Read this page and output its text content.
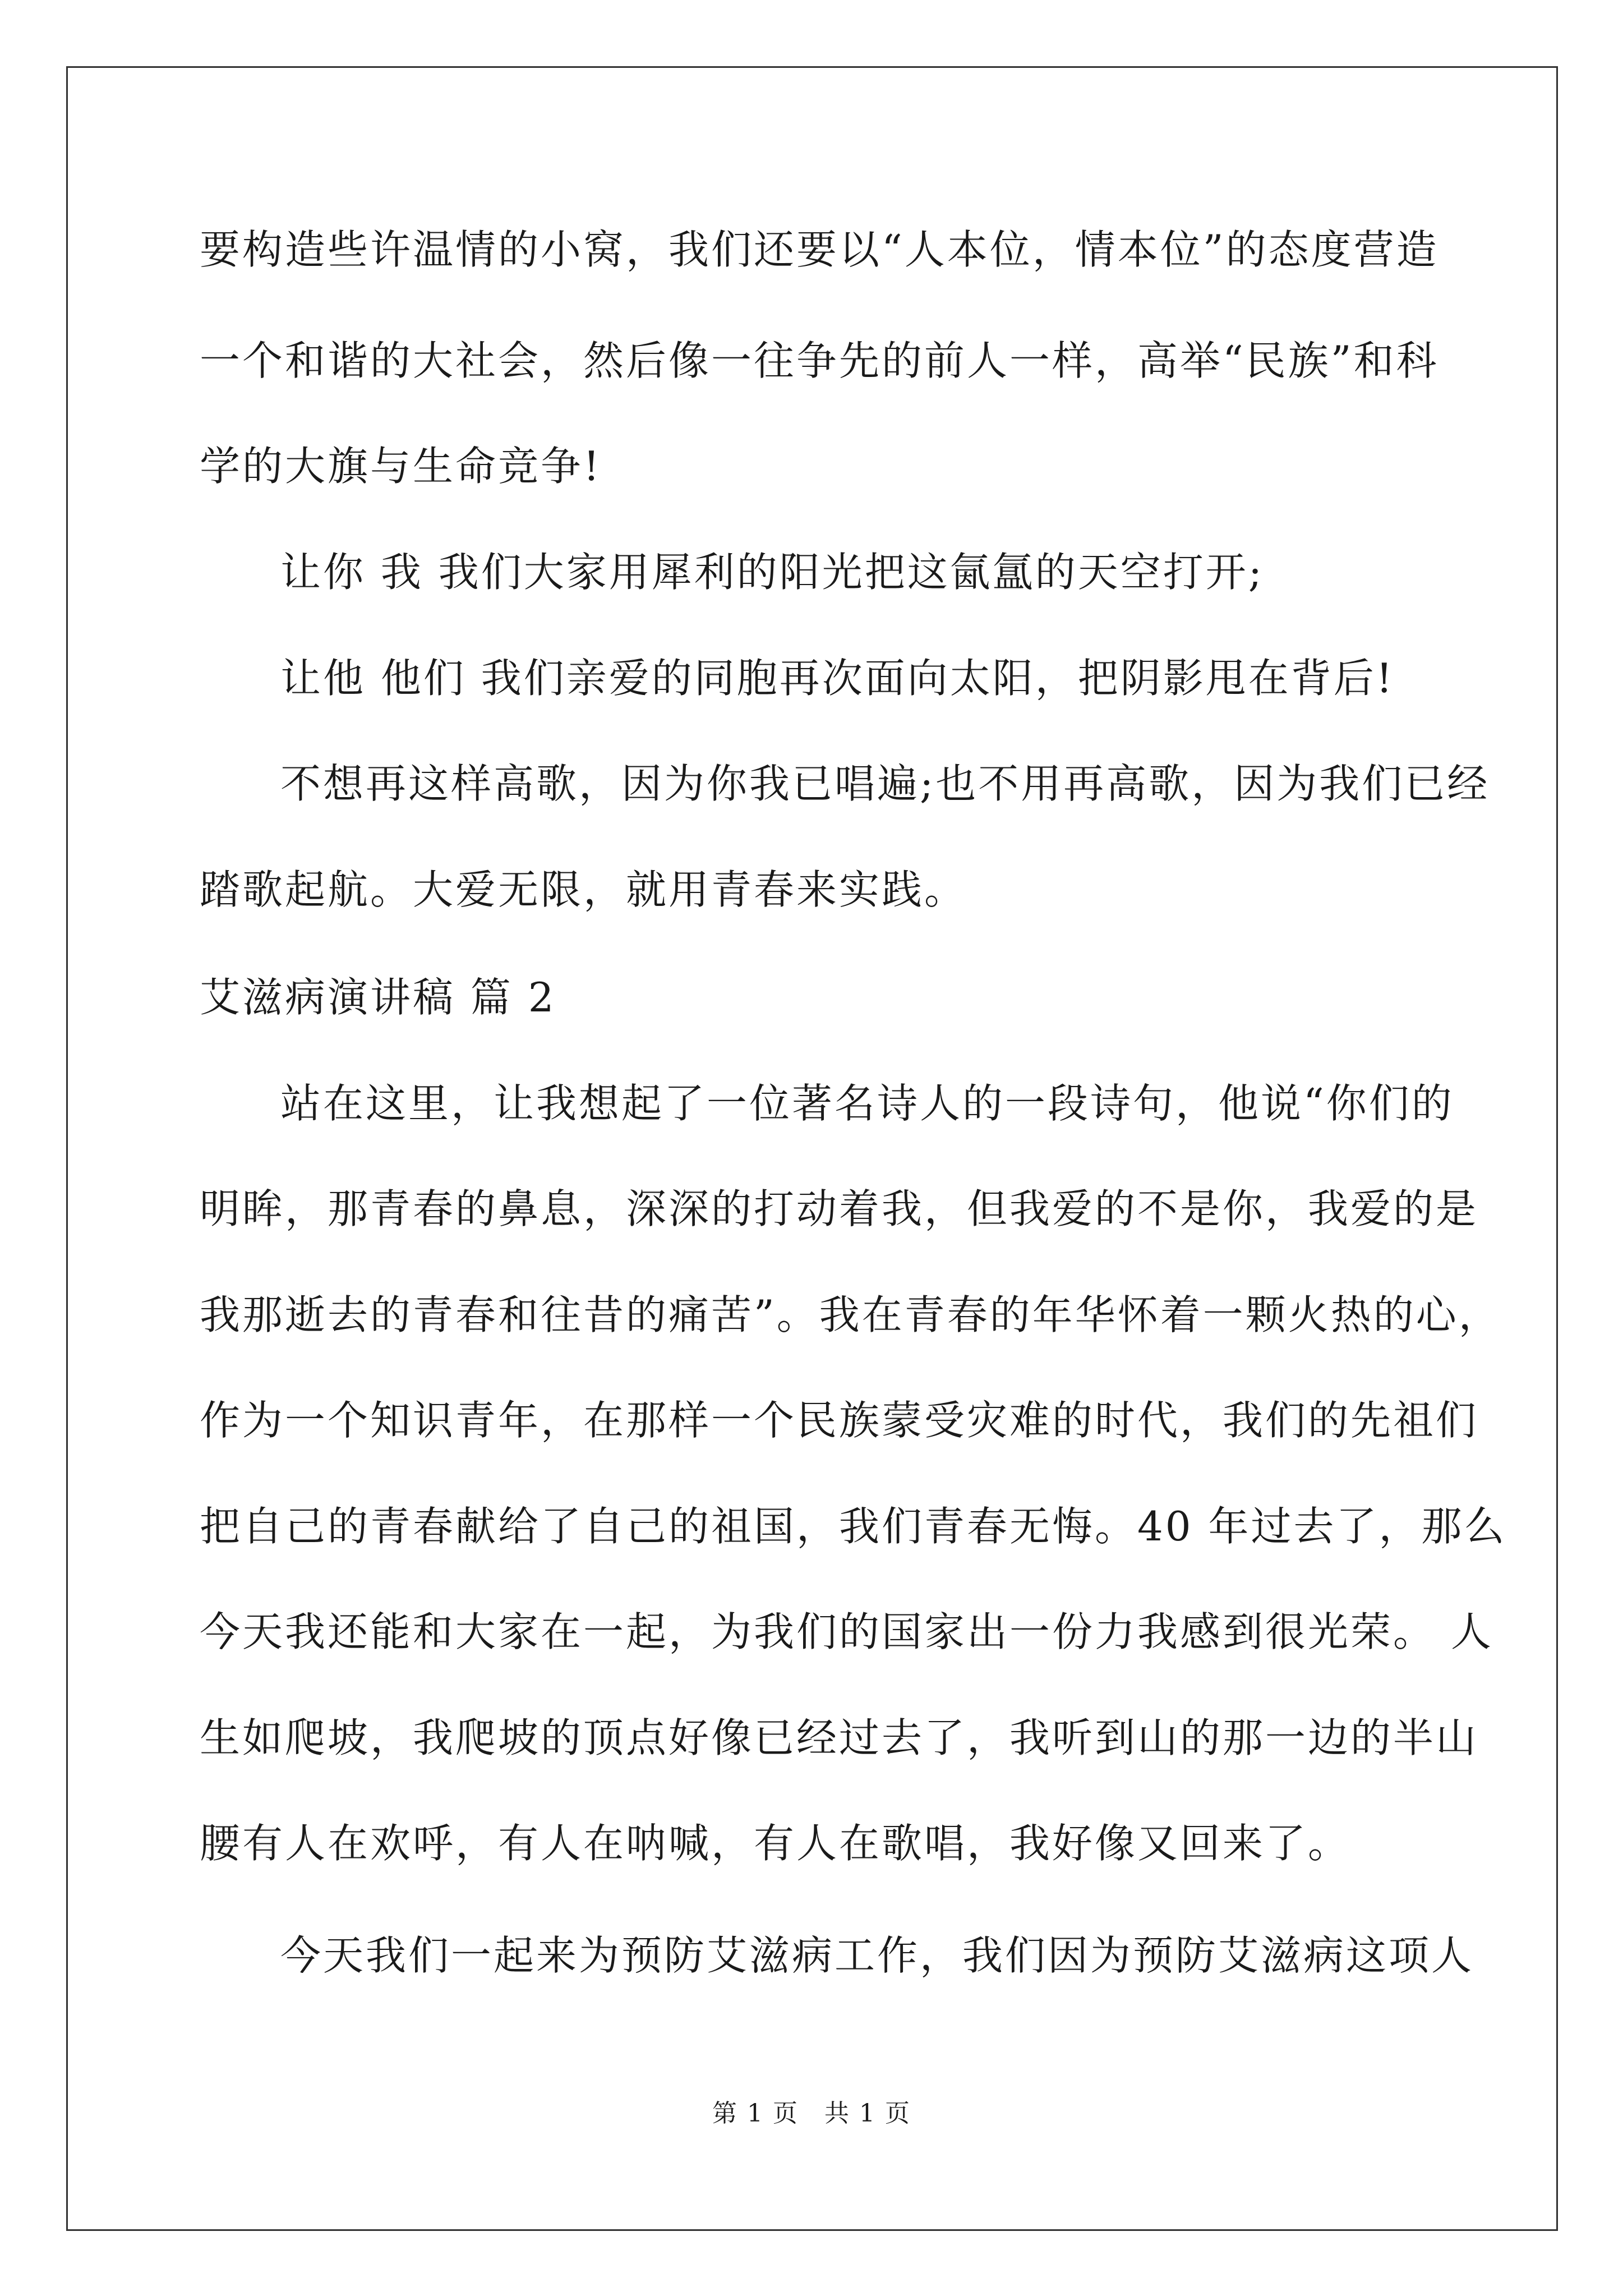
要构造些许温情的小窝，我们还要以“人本位，情本位”的态度营造
一个和谐的大社会，然后像一往争先的前人一样，高举“民族”和科
学的大旗与生命竞争!
让你 我 我们大家用犀利的阳光把这氤氲的天空打开;
让他 他们 我们亲爱的同胞再次面向太阳，把阴影甩在背后!
不想再这样高歌，因为你我已唱遍;也不用再高歌，因为我们已经
踏歌起航。大爱无限，就用青春来实践。
艾滋病演讲稿 篇 2
站在这里，让我想起了一位著名诗人的一段诗句，他说“你们的
明眸，那青春的鼻息，深深的打动着我，但我爱的不是你，我爱的是
我那逝去的青春和往昔的痛苦”。我在青春的年华怀着一颗火热的心，
作为一个知识青年，在那样一个民族蒙受灾难的时代，我们的先祖们
把自己的青春献给了自己的祖国，我们青春无悔。40 年过去了，那么
今天我还能和大家在一起，为我们的国家出一份力我感到很光荣。 人
生如爬坡，我爬坡的顶点好像已经过去了，我听到山的那一边的半山
腰有人在欢呼，有人在呐喊，有人在歌唱，我好像又回来了。
今天我们一起来为预防艾滋病工作，我们因为预防艾滋病这项人
第 1 页　共 1 页
